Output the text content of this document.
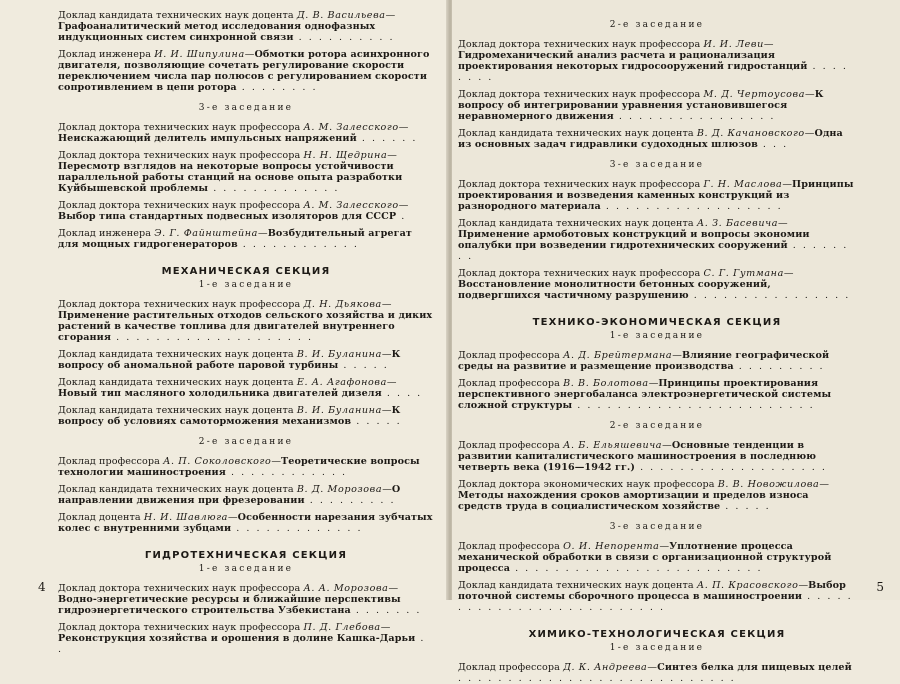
Доклад кандидата технических наук доцента Д. В. Васильева—Графоаналитический метод исследования однофазных индукционных систем синхронной связи . . . . . . . . . .

Доклад инженера И. И. Шипулина—Обмотки ротора асинхронного двигателя, позволяющие сочетать регулирование скорости переключением числа пар полюсов с регулированием скорости сопротивлением в цепи ротора . . . . . . . .

3-е заседание

Доклад доктора технических наук профессора А. М. Залесского—Неискажающий делитель импульсных напряжений . . . . . .

Доклад доктора технических наук профессора Н. Н. Щедрина—Пересмотр взглядов на некоторые вопросы устойчивости параллельной работы станций на основе опыта разработки Куйбышевской проблемы . . . . . . . . . . . . .

Доклад доктора технических наук профессора А. М. Залесского—Выбор типа стандартных подвесных изоляторов для СССР .

Доклад инженера Э. Г. Файнштейна—Возбудительный агрегат для мощных гидрогенераторов . . . . . . . . . . . .

МЕХАНИЧЕСКАЯ СЕКЦИЯ
1-е заседание

Доклад доктора технических наук профессора Д. Н. Дьякова—Применение растительных отходов сельского хозяйства и диких растений в качестве топлива для двигателей внутреннего сгорания . . . . . . . . . . . . . . . . . . . .

Доклад кандидата технических наук доцента В. И. Буланина—К вопросу об аномальной работе паровой турбины . . . . .

Доклад кандидата технических наук доцента Е. А. Агафонова—Новый тип масляного холодильника двигателей дизеля . . . .

Доклад кандидата технических наук доцента В. И. Буланина—К вопросу об условиях самоторможения механизмов . . . . .

2-е заседание

Доклад профессора А. П. Соколовского—Теоретические вопросы технологии машиностроения . . . . . . . . . . . .

Доклад кандидата технических наук доцента В. Д. Морозова—О направлении движения при фрезеровании . . . . . . . . .

Доклад доцента Н. И. Шавлюга—Особенности нарезания зубчатых колес с внутренними зубцами . . . . . . . . . . . . .

ГИДРОТЕХНИЧЕСКАЯ СЕКЦИЯ
1-е заседание

Доклад доктора технических наук профессора А. А. Морозова—Водно-энергетические ресурсы и ближайшие перспективы гидроэнергетического строительства Узбекистана . . . . . . .

Доклад доктора технических наук профессора П. Д. Глебова—Реконструкция хозяйства и орошения в долине Кашка-Дарьи . .

2-е заседание

Доклад доктора технических наук профессора И. И. Леви—Гидромеханический анализ расчета и рационализация проектирования некоторых гидросооружений гидростанций . . . . . . . .

Доклад доктора технических наук профессора М. Д. Чертоусова—К вопросу об интегрировании уравнения установившегося неравномерного движения . . . . . . . . . . . . . . . .

Доклад кандидата технических наук доцента В. Д. Качановского—Одна из основных задач гидравлики судоходных шлюзов . . .

3-е заседание

Доклад доктора технических наук профессора Г. Н. Маслова—Принципы проектирования и возведения каменных конструкций из разнородного материала . . . . . . . . . . . . . . . . . .

Доклад кандидата технических наук доцента А. З. Басевича—Применение армоботовых конструкций и вопросы экономии опалубки при возведении гидротехнических сооружений . . . . . . . .

Доклад доктора технических наук профессора С. Г. Гутмана—Восстановление монолитности бетонных сооружений, подвергшихся частичному разрушению . . . . . . . . . . . . . . . .

ТЕХНИКО-ЭКОНОМИЧЕСКАЯ СЕКЦИЯ
1-е заседание

Доклад профессора А. Д. Брейтермана—Влияние географической среды на развитие и размещение производства . . . . . . . . .

Доклад профессора В. В. Болотова—Принципы проектирования перспективного энергобаланса электроэнергетической системы сложной структуры . . . . . . . . . . . . . . . . . . . . . . . .

2-е заседание

Доклад профессора А. Б. Ельяшевича—Основные тенденции в развитии капиталистического машиностроения в последнюю четверть века (1916—1942 гг.) . . . . . . . . . . . . . . . . . . .

Доклад доктора экономических наук профессора В. В. Новожилова—Методы нахождения сроков амортизации и пределов износа средств труда в социалистическом хозяйстве . . . . .

3-е заседание

Доклад профессора О. И. Непорента—Уплотнение процесса механической обработки в связи с организационной структурой процесса . . . . . . . . . . . . . . . . . . . . . . . . .

Доклад кандидата технических наук доцента А. П. Красовского—Выбор поточной системы сборочного процесса в машиностроении . . . . . . . . . . . . . . . . . . . . . . . . . .

ХИМИКО-ТЕХНОЛОГИЧЕСКАЯ СЕКЦИЯ
1-е заседание

Доклад профессора Д. К. Андреева—Синтез белка для пищевых целей . . . . . . . . . . . . . . . . . . . . . . . . . . . .

4	5
